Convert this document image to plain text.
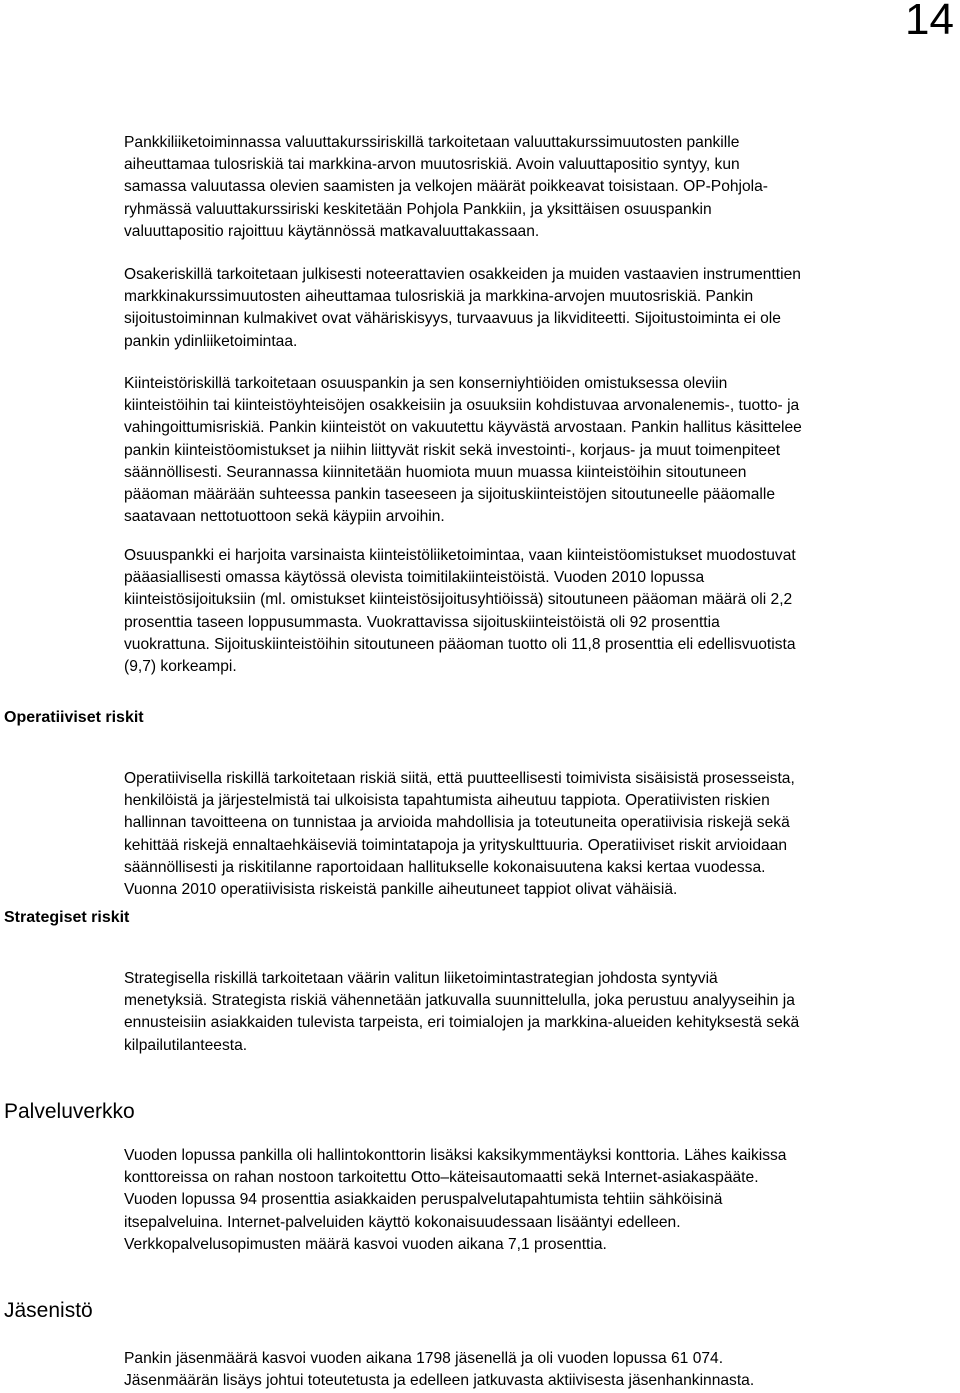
14

Pankkiliiketoiminnassa valuuttakurssiriskillä tarkoitetaan valuuttakurssimuutosten pankille
aiheuttamaa tulosriskiä tai markkina-arvon muutosriskiä. Avoin valuuttapositio syntyy, kun
samassa valuutassa olevien saamisten ja velkojen määrät poikkeavat toisistaan. OP-Pohjola-
ryhmässä valuuttakurssiriski keskitetään Pohjola Pankkiin, ja yksittäisen osuuspankin
valuuttapositio rajoittuu käytännössä matkavaluuttakassaan.

Osakeriskillä tarkoitetaan julkisesti noteerattavien osakkeiden ja muiden vastaavien instrumenttien
markkinakurssimuutosten aiheuttamaa tulosriskiä ja markkina-arvojen muutosriskiä. Pankin
sijoitustoiminnan kulmakivet ovat vähäriskisyys, turvaavuus ja likviditeetti. Sijoitustoiminta ei ole
pankin ydinliiketoimintaa.

Kiinteistöriskillä tarkoitetaan osuuspankin ja sen konserniyhtiöiden omistuksessa oleviin
kiinteistöihin tai kiinteistöyhteisöjen osakkeisiin ja osuuksiin kohdistuvaa arvonalenemis-, tuotto- ja
vahingoittumisriskiä. Pankin kiinteistöt on vakuutettu käyvästä arvostaan. Pankin hallitus käsittelee
pankin kiinteistöomistukset ja niihin liittyvät riskit sekä investointi-, korjaus- ja muut toimenpiteet
säännöllisesti. Seurannassa kiinnitetään huomiota muun muassa kiinteistöihin sitoutuneen
pääoman määrään suhteessa pankin taseeseen ja sijoituskiinteistöjen sitoutuneelle pääomalle
saatavaan nettotuottoon sekä käypiin arvoihin.

Osuuspankki ei harjoita varsinaista kiinteistöliiketoimintaa, vaan kiinteistöomistukset muodostuvat
pääasiallisesti omassa käytössä olevista toimitilakiinteistöistä. Vuoden 2010 lopussa
kiinteistösijoituksiin (ml. omistukset kiinteistösijoitusyhtiöissä) sitoutuneen pääoman määrä oli 2,2
prosenttia taseen loppusummasta. Vuokrattavissa sijoituskiinteistöistä oli 92 prosenttia
vuokrattuna. Sijoituskiinteistöihin sitoutuneen pääoman tuotto oli 11,8 prosenttia eli edellisvuotista
(9,7) korkeampi.

Operatiiviset riskit

Operatiivisella riskillä tarkoitetaan riskiä siitä, että puutteellisesti toimivista sisäisistä prosesseista,
henkilöistä ja järjestelmistä tai ulkoisista tapahtumista aiheutuu tappiota. Operatiivisten riskien
hallinnan tavoitteena on tunnistaa ja arvioida mahdollisia ja toteutuneita operatiivisia riskejä sekä
kehittää riskejä ennaltaehkäiseviä toimintatapoja ja yrityskulttuuria. Operatiiviset riskit arvioidaan
säännöllisesti ja riskitilanne raportoidaan hallitukselle kokonaisuutena kaksi kertaa vuodessa.
Vuonna 2010 operatiivisista riskeistä pankille aiheutuneet tappiot olivat vähäisiä.

Strategiset riskit

Strategisella riskillä tarkoitetaan väärin valitun liiketoimintastrategian johdosta syntyviä
menetyksiä. Strategista riskiä vähennetään jatkuvalla suunnittelulla, joka perustuu analyyseihin ja
ennusteisiin asiakkaiden tulevista tarpeista, eri toimialojen ja markkina-alueiden kehityksestä sekä
kilpailutilanteesta.

Palveluverkko

Vuoden lopussa pankilla oli hallintokonttorin lisäksi kaksikymmentäyksi konttoria. Lähes kaikissa
konttoreissa on rahan nostoon tarkoitettu Otto–käteisautomaatti sekä Internet-asiakaspääte.
Vuoden lopussa 94 prosenttia asiakkaiden peruspalvelutapahtumista tehtiin sähköisinä
itsepalveluina. Internet-palveluiden käyttö kokonaisuudessaan lisääntyi edelleen.
Verkkopalvelusopimusten määrä kasvoi vuoden aikana 7,1 prosenttia.

Jäsenistö

Pankin jäsenmäärä kasvoi vuoden aikana 1798 jäsenellä ja oli vuoden lopussa 61 074.
Jäsenmäärän lisäys johtui toteutetusta ja edelleen jatkuvasta aktiivisesta jäsenhankinnasta.
